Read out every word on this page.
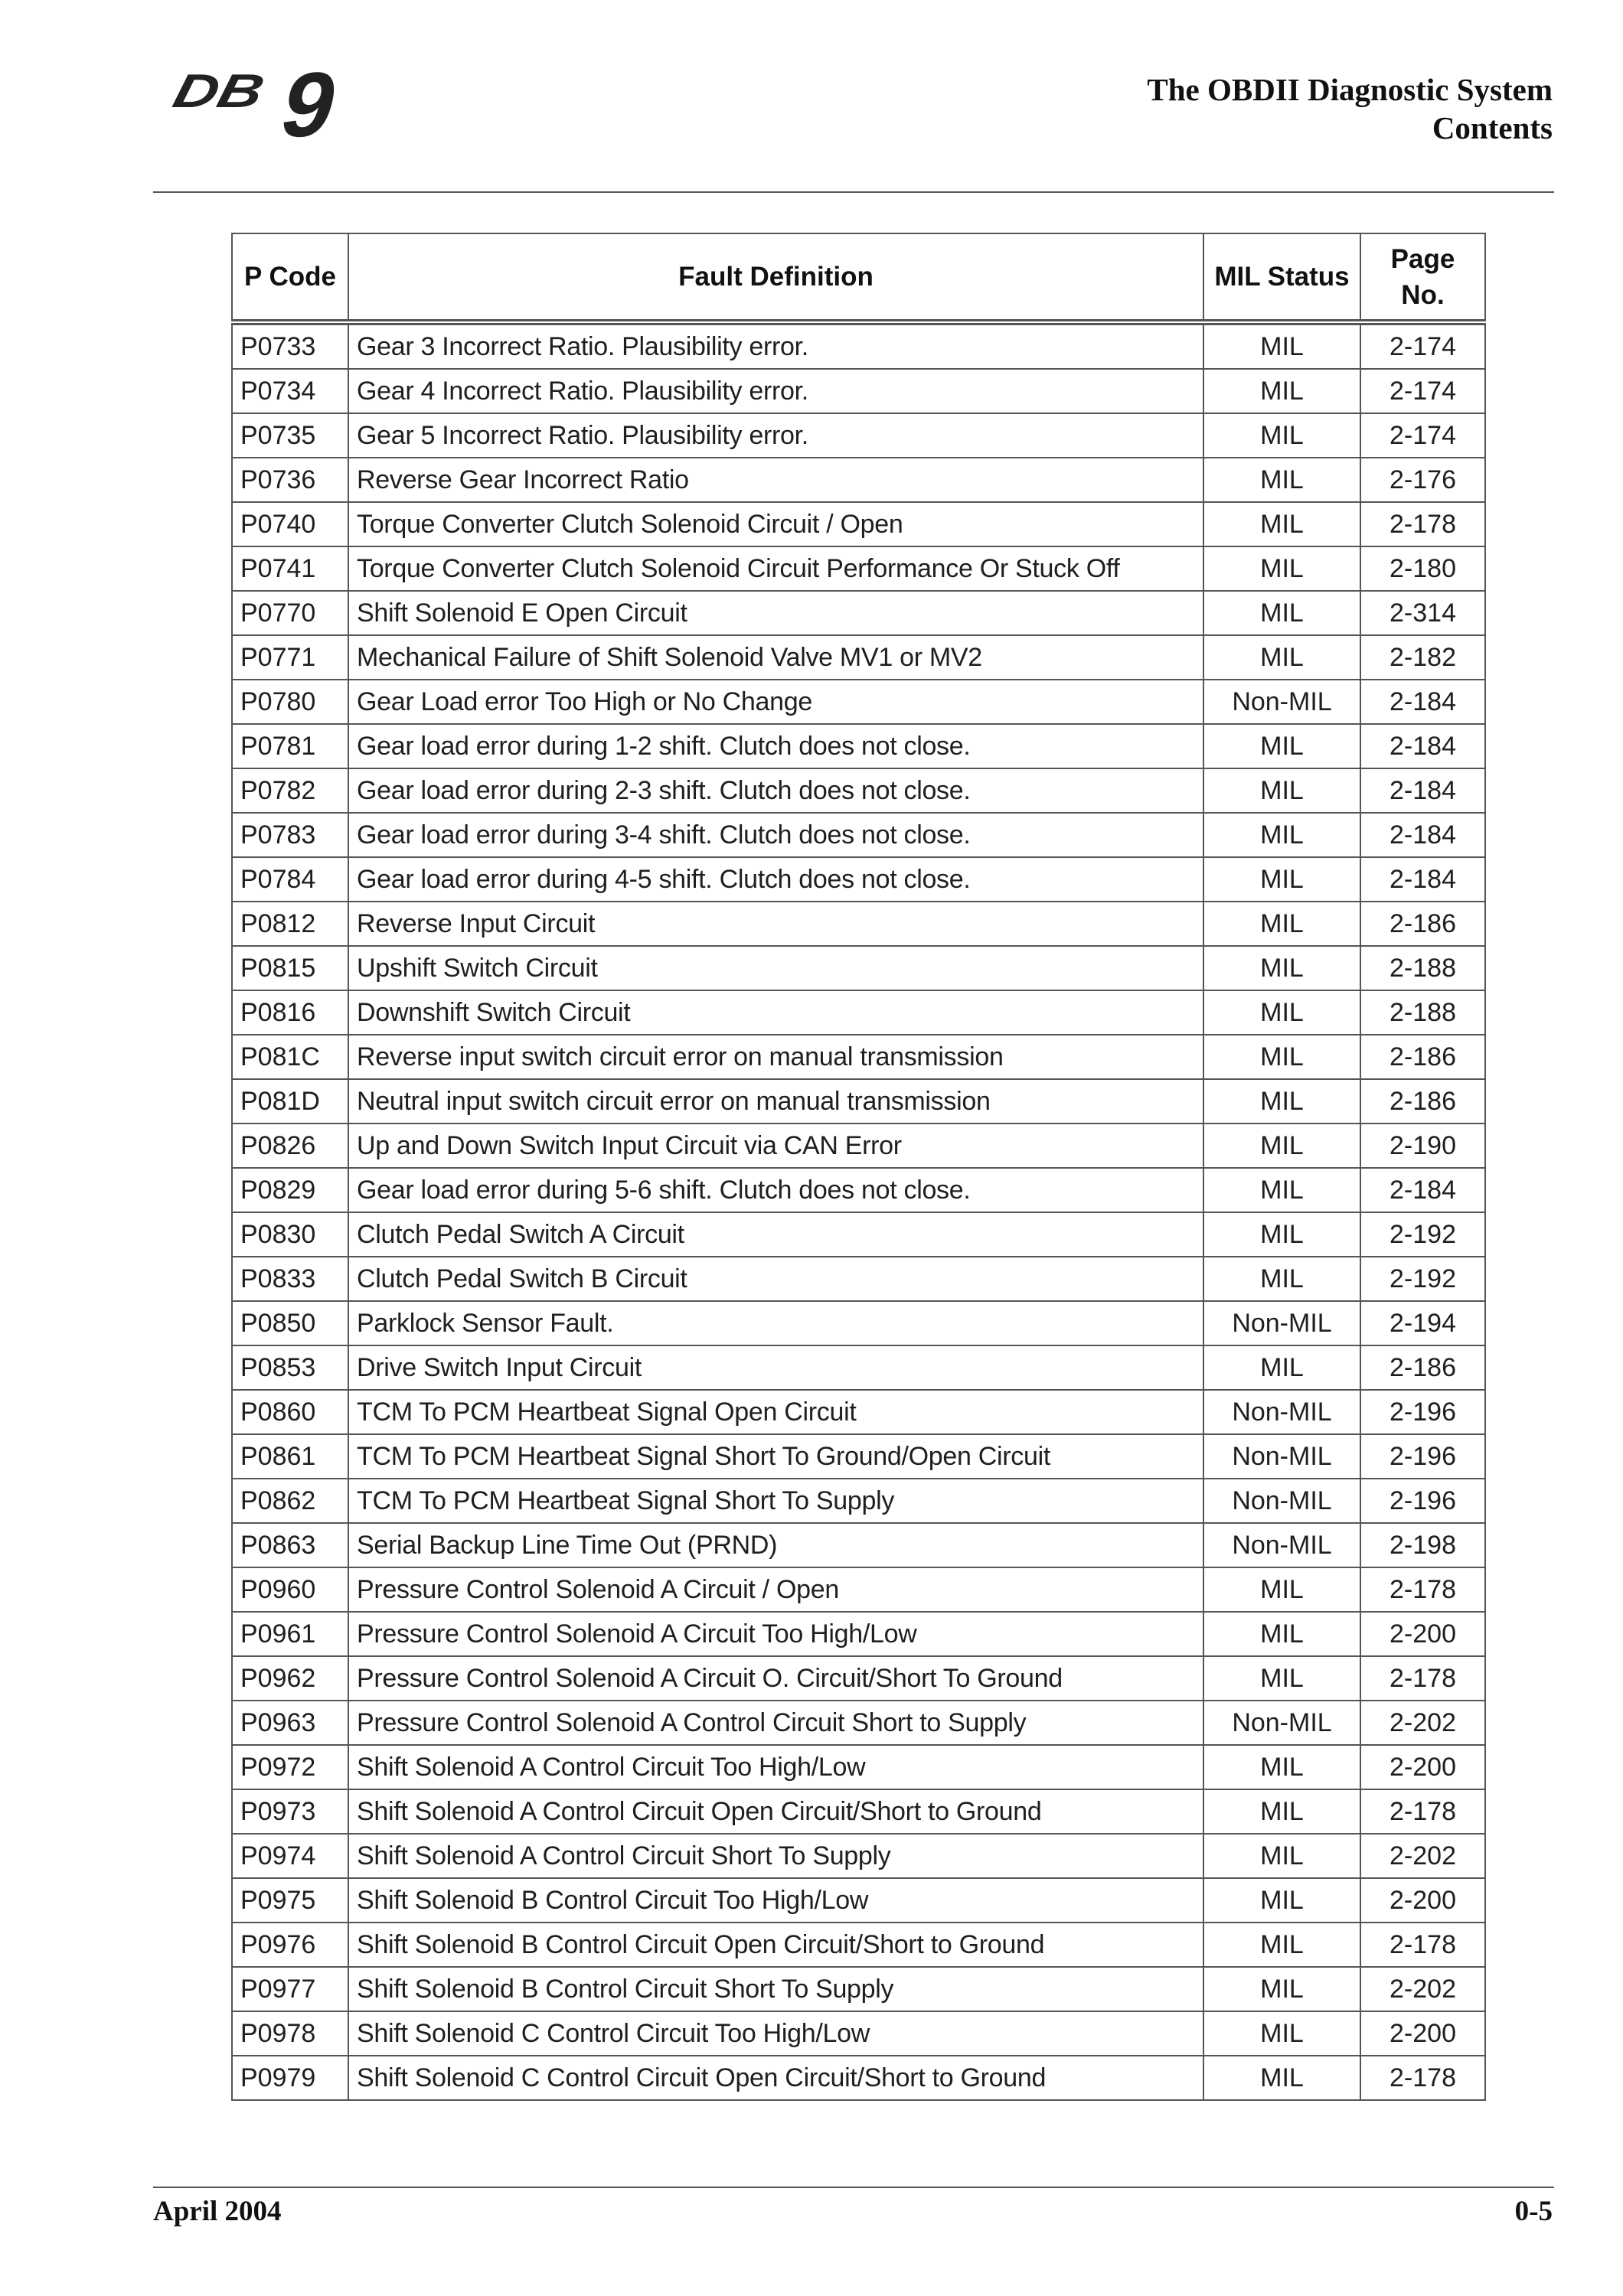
DB 9	The OBDII Diagnostic System
Contents
P Code	Fault Definition	MIL Status	Page
No.

P0733	Gear 3 Incorrect Ratio. Plausibility error.	MIL	2-174
P0734	Gear 4 Incorrect Ratio. Plausibility error.	MIL	2-174
P0735	Gear 5 Incorrect Ratio. Plausibility error.	MIL	2-174
P0736	Reverse Gear Incorrect Ratio	MIL	2-176
P0740	Torque Converter Clutch Solenoid Circuit / Open	MIL	2-178
P0741	Torque Converter Clutch Solenoid Circuit Performance Or Stuck Off	MIL	2-180
P0770	Shift Solenoid E Open Circuit	MIL	2-314
P0771	Mechanical Failure of Shift Solenoid Valve MV1 or MV2	MIL	2-182
P0780	Gear Load error Too High or No Change	Non-MIL	2-184
P0781	Gear load error during 1-2 shift. Clutch does not close.	MIL	2-184
P0782	Gear load error during 2-3 shift. Clutch does not close.	MIL	2-184
P0783	Gear load error during 3-4 shift. Clutch does not close.	MIL	2-184
P0784	Gear load error during 4-5 shift. Clutch does not close.	MIL	2-184
P0812	Reverse Input Circuit	MIL	2-186
P0815	Upshift Switch Circuit	MIL	2-188
P0816	Downshift Switch Circuit	MIL	2-188
P081C	Reverse input switch circuit error on manual transmission	MIL	2-186
P081D	Neutral input switch circuit error on manual transmission	MIL	2-186
P0826	Up and Down Switch Input Circuit via CAN Error	MIL	2-190
P0829	Gear load error during 5-6 shift. Clutch does not close.	MIL	2-184
P0830	Clutch Pedal Switch A Circuit	MIL	2-192
P0833	Clutch Pedal Switch B Circuit	MIL	2-192
P0850	Parklock Sensor Fault.	Non-MIL	2-194
P0853	Drive Switch Input Circuit	MIL	2-186
P0860	TCM To PCM Heartbeat Signal Open Circuit	Non-MIL	2-196
P0861	TCM To PCM Heartbeat Signal Short To Ground/Open Circuit	Non-MIL	2-196
P0862	TCM To PCM Heartbeat Signal Short To Supply	Non-MIL	2-196
P0863	Serial Backup Line Time Out (PRND)	Non-MIL	2-198
P0960	Pressure Control Solenoid A Circuit / Open	MIL	2-178
P0961	Pressure Control Solenoid A Circuit Too High/Low	MIL	2-200
P0962	Pressure Control Solenoid A Circuit O. Circuit/Short To Ground	MIL	2-178
P0963	Pressure Control Solenoid A Control Circuit Short to Supply	Non-MIL	2-202
P0972	Shift Solenoid A Control Circuit Too High/Low	MIL	2-200
P0973	Shift Solenoid A Control Circuit Open Circuit/Short to Ground	MIL	2-178
P0974	Shift Solenoid A Control Circuit Short To Supply	MIL	2-202
P0975	Shift Solenoid B Control Circuit Too High/Low	MIL	2-200
P0976	Shift Solenoid B Control Circuit Open Circuit/Short to Ground	MIL	2-178
P0977	Shift Solenoid B Control Circuit Short To Supply	MIL	2-202
P0978	Shift Solenoid C Control Circuit Too High/Low	MIL	2-200
P0979	Shift Solenoid C Control Circuit Open Circuit/Short to Ground	MIL	2-178
April 2004	0-5
